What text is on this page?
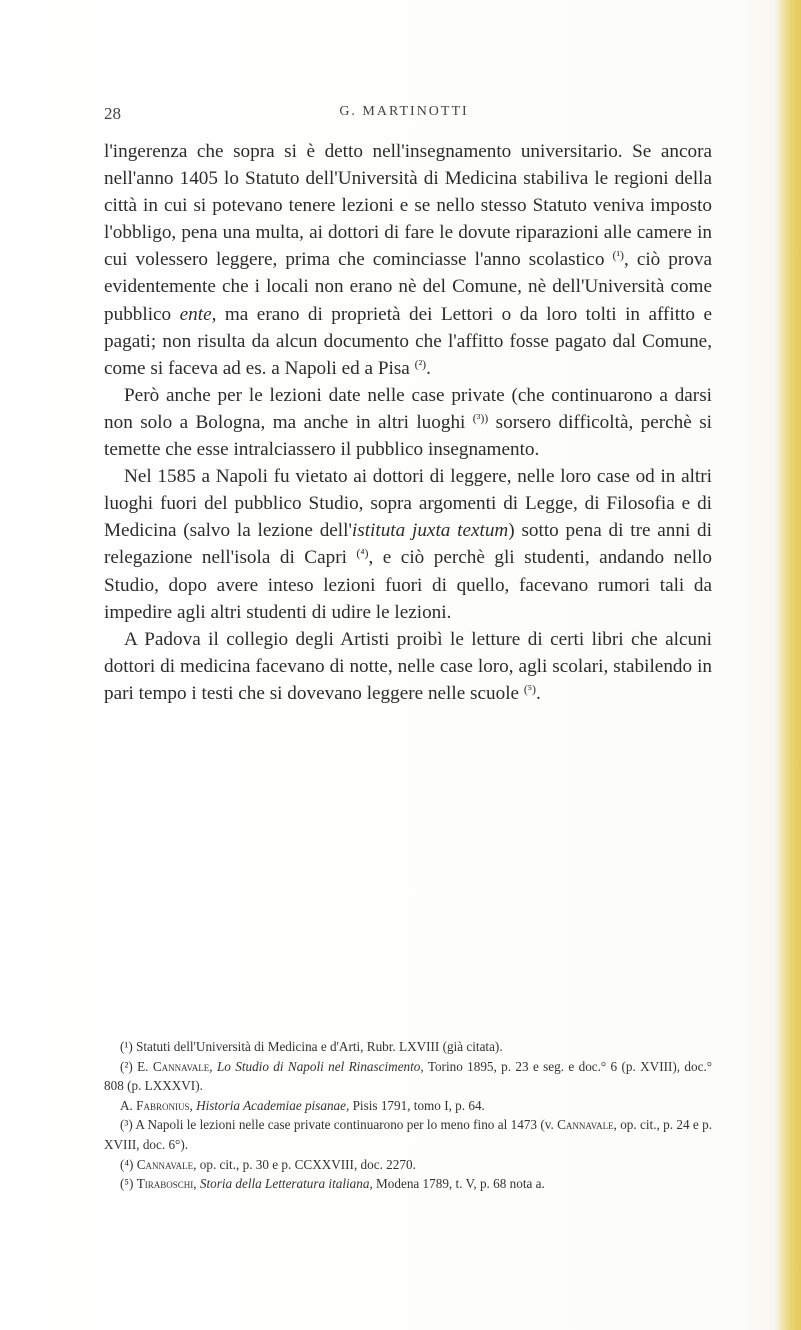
28	G. MARTINOTTI

l'ingerenza che sopra si è detto nell'insegnamento universitario. Se ancora nell'anno 1405 lo Statuto dell'Università di Medicina stabiliva le regioni della città in cui si potevano tenere lezioni e se nello stesso Statuto veniva imposto l'obbligo, pena una multa, ai dottori di fare le dovute riparazioni alle camere in cui volessero leggere, prima che cominciasse l'anno scolastico $^{(^1)}$, ciò prova evidentemente che i locali non erano nè del Comune, nè dell'Università come pubblico ente, ma erano di proprietà dei Lettori o da loro tolti in affitto e pagati; non risulta da alcun documento che l'affitto fosse pagato dal Comune, come si faceva ad es. a Napoli ed a Pisa $^{(^2)}$.

Però anche per le lezioni date nelle case private (che continuarono a darsi non solo a Bologna, ma anche in altri luoghi $^{(^3))}$ sorsero difficoltà, perchè si temette che esse intralciassero il pubblico insegnamento.

Nel 1585 a Napoli fu vietato ai dottori di leggere, nelle loro case od in altri luoghi fuori del pubblico Studio, sopra argomenti di Legge, di Filosofia e di Medicina (salvo la lezione dell'istituta juxta textum) sotto pena di tre anni di relegazione nell'isola di Capri $^{(^4)}$, e ciò perchè gli studenti, andando nello Studio, dopo avere inteso lezioni fuori di quello, facevano rumori tali da impedire agli altri studenti di udire le lezioni.

A Padova il collegio degli Artisti proibì le letture di certi libri che alcuni dottori di medicina facevano di notte, nelle case loro, agli scolari, stabilendo in pari tempo i testi che si dovevano leggere nelle scuole $^{(^5)}$.

(¹) Statuti dell'Università di Medicina e d'Arti, Rubr. LXVIII (già citata).

(²) E. Cannavale, Lo Studio di Napoli nel Rinascimento, Torino 1895, p. 23 e seg. e doc.° 6 (p. XVIII), doc.° 808 (p. LXXXVI).

A. Fabronius, Historia Academiae pisanae, Pisis 1791, tomo I, p. 64.

(³) A Napoli le lezioni nelle case private continuarono per lo meno fino al 1473 (v. Cannavale, op. cit., p. 24 e p. XVIII, doc. 6°).

(⁴) Cannavale, op. cit., p. 30 e p. CCXXVIII, doc. 2270.

(⁵) Tiraboschi, Storia della Letteratura italiana, Modena 1789, t. V, p. 68 nota a.
